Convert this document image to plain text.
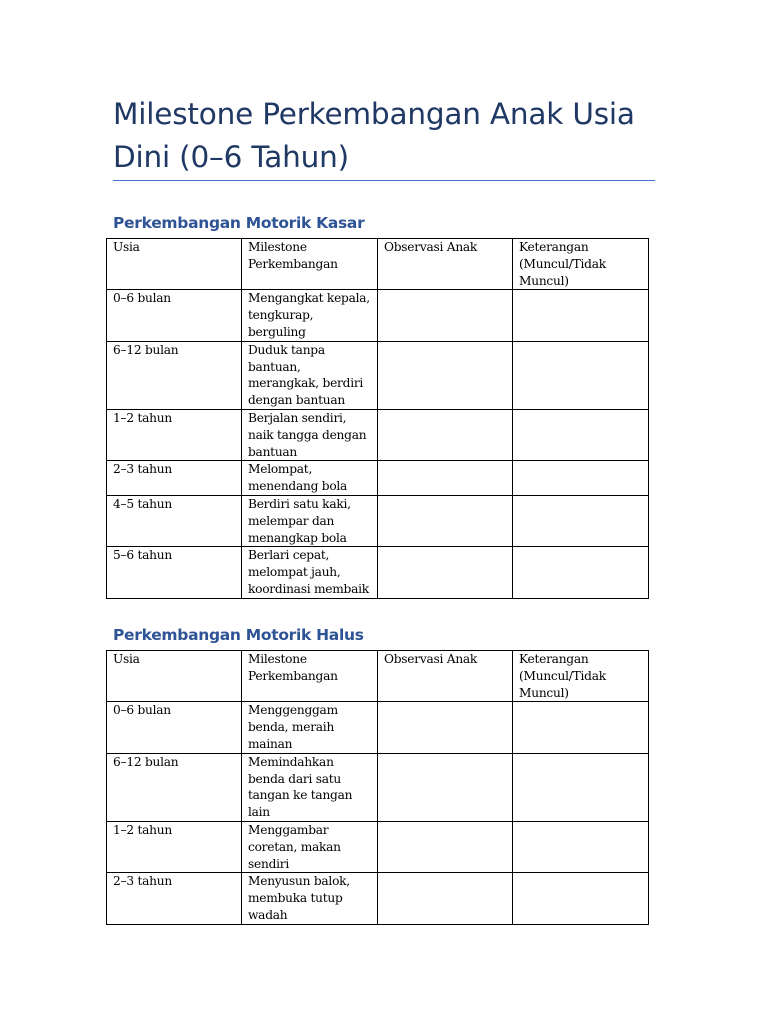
Milestone Perkembangan Anak Usia Dini (0–6 Tahun)
Perkembangan Motorik Kasar
Usia	Milestone Perkembangan	Observasi Anak	Keterangan (Muncul/Tidak Muncul)
0–6 bulan	Mengangkat kepala, tengkurap, berguling		
6–12 bulan	Duduk tanpa bantuan, merangkak, berdiri dengan bantuan		
1–2 tahun	Berjalan sendiri, naik tangga dengan bantuan		
2–3 tahun	Melompat, menendang bola		
4–5 tahun	Berdiri satu kaki, melempar dan menangkap bola		
5–6 tahun	Berlari cepat, melompat jauh, koordinasi membaik		
Perkembangan Motorik Halus
Usia	Milestone Perkembangan	Observasi Anak	Keterangan (Muncul/Tidak Muncul)
0–6 bulan	Menggenggam benda, meraih mainan		
6–12 bulan	Memindahkan benda dari satu tangan ke tangan lain		
1–2 tahun	Menggambar coretan, makan sendiri		
2–3 tahun	Menyusun balok, membuka tutup wadah		
